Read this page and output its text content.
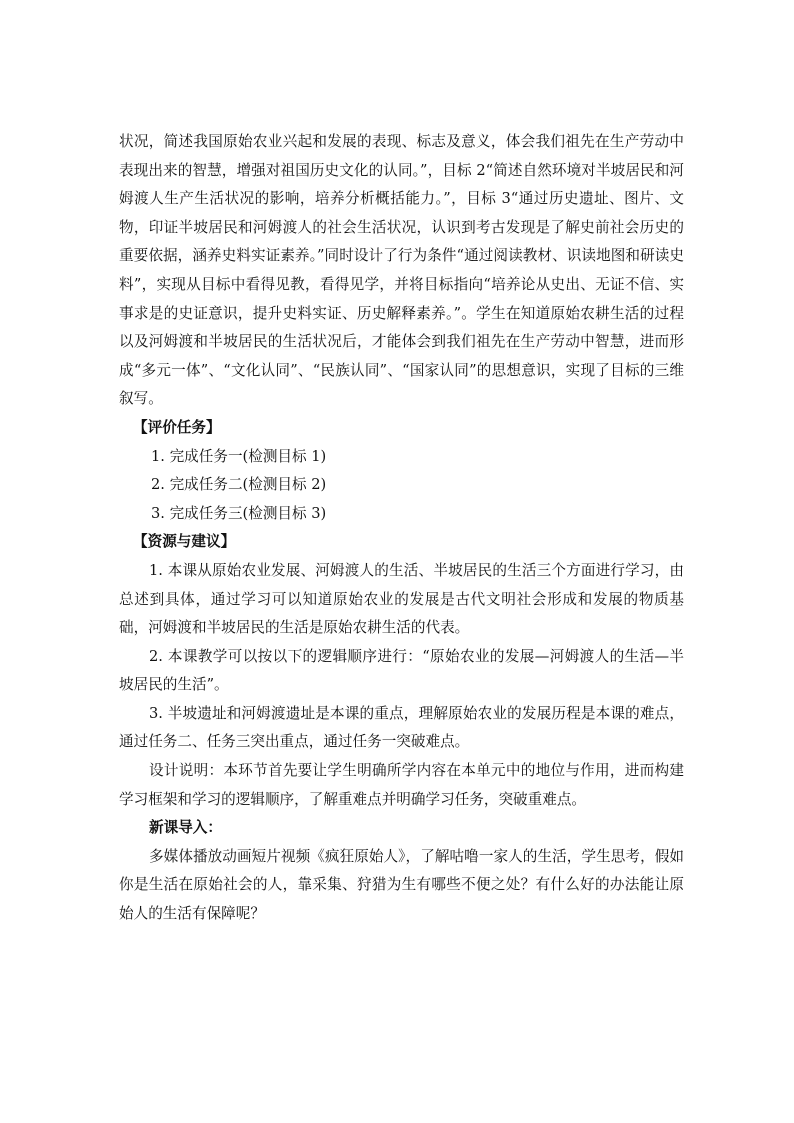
状况，简述我国原始农业兴起和发展的表现、标志及意义，体会我们祖先在生产劳动中表现出来的智慧，增强对祖国历史文化的认同。”，目标 2“简述自然环境对半坡居民和河姆渡人生产生活状况的影响，培养分析概括能力。”，目标 3“通过历史遗址、图片、文物，印证半坡居民和河姆渡人的社会生活状况，认识到考古发现是了解史前社会历史的重要依据，涵养史料实证素养。”同时设计了行为条件“通过阅读教材、识读地图和研读史料”，实现从目标中看得见教，看得见学，并将目标指向“培养论从史出、无证不信、实事求是的史证意识，提升史料实证、历史解释素养。”。学生在知道原始农耕生活的过程以及河姆渡和半坡居民的生活状况后，才能体会到我们祖先在生产劳动中智慧，进而形成“多元一体”、“文化认同”、“民族认同”、“国家认同”的思想意识，实现了目标的三维叙写。

【评价任务】

1. 完成任务一(检测目标 1)

2. 完成任务二(检测目标 2)

3. 完成任务三(检测目标 3)

【资源与建议】

1. 本课从原始农业发展、河姆渡人的生活、半坡居民的生活三个方面进行学习，由总述到具体，通过学习可以知道原始农业的发展是古代文明社会形成和发展的物质基础，河姆渡和半坡居民的生活是原始农耕生活的代表。

2. 本课教学可以按以下的逻辑顺序进行：“原始农业的发展—河姆渡人的生活—半坡居民的生活”。

3. 半坡遗址和河姆渡遗址是本课的重点，理解原始农业的发展历程是本课的难点，通过任务二、任务三突出重点，通过任务一突破难点。

设计说明：本环节首先要让学生明确所学内容在本单元中的地位与作用，进而构建学习框架和学习的逻辑顺序，了解重难点并明确学习任务，突破重难点。

新课导入：

多媒体播放动画短片视频《疯狂原始人》，了解咕噜一家人的生活，学生思考，假如你是生活在原始社会的人，靠采集、狩猎为生有哪些不便之处？有什么好的办法能让原始人的生活有保障呢？
